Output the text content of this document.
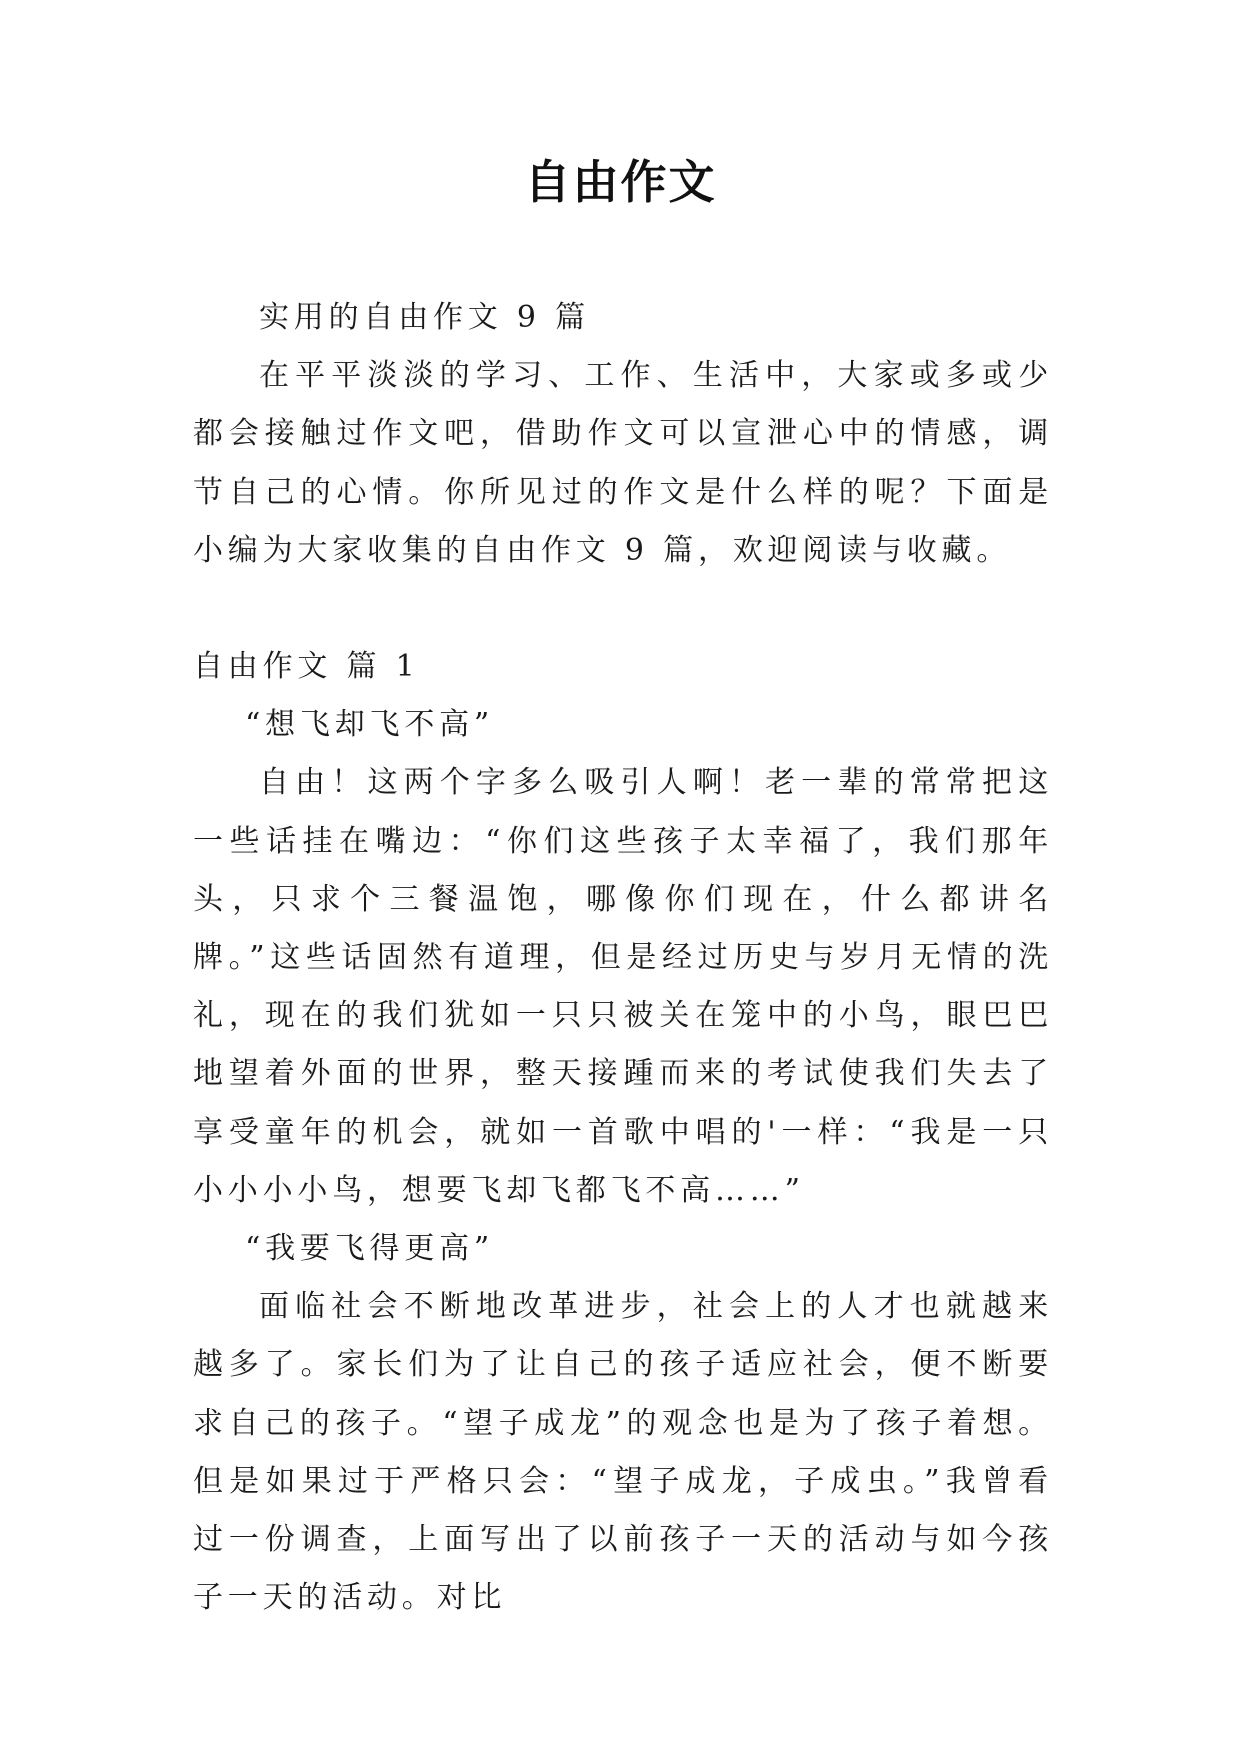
自由作文

实用的自由作文 9 篇

在平平淡淡的学习、工作、生活中，大家或多或少都会接触过作文吧，借助作文可以宣泄心中的情感，调节自己的心情。你所见过的作文是什么样的呢？下面是小编为大家收集的自由作文 9 篇，欢迎阅读与收藏。

自由作文 篇 1

“想飞却飞不高”

自由！这两个字多么吸引人啊！老一辈的常常把这一些话挂在嘴边：“你们这些孩子太幸福了，我们那年头，只求个三餐温饱，哪像你们现在，什么都讲名牌。”这些话固然有道理，但是经过历史与岁月无情的洗礼，现在的我们犹如一只只被关在笼中的小鸟，眼巴巴地望着外面的世界，整天接踵而来的考试使我们失去了享受童年的机会，就如一首歌中唱的'一样：“我是一只小小小小鸟，想要飞却飞都飞不高……”

“我要飞得更高”

面临社会不断地改革进步，社会上的人才也就越来越多了。家长们为了让自己的孩子适应社会，便不断要求自己的孩子。“望子成龙”的观念也是为了孩子着想。但是如果过于严格只会：“望子成龙，子成虫。”我曾看过一份调查，上面写出了以前孩子一天的活动与如今孩子一天的活动。对比
